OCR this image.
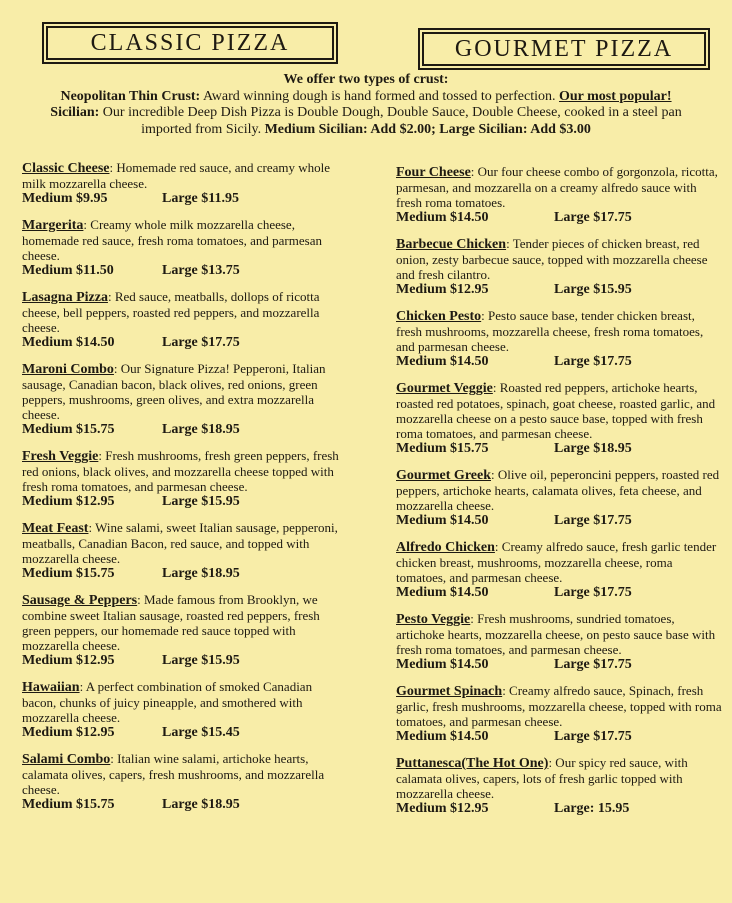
CLASSIC PIZZA	GOURMET PIZZA
We offer two types of crust:
Neopolitan Thin Crust: Award winning dough is hand formed and tossed to perfection. Our most popular!
Sicilian: Our incredible Deep Dish Pizza is Double Dough, Double Sauce, Double Cheese, cooked in a steel pan imported from Sicily. Medium Sicilian: Add $2.00; Large Sicilian: Add $3.00
Classic Cheese: Homemade red sauce, and creamy whole milk mozzarella cheese.
Medium $9.95	Large $11.95
Margerita: Creamy whole milk mozzarella cheese, homemade red sauce, fresh roma tomatoes, and parmesan cheese.
Medium $11.50	Large $13.75
Lasagna Pizza: Red sauce, meatballs, dollops of ricotta cheese, bell peppers, roasted red peppers, and mozzarella cheese.
Medium $14.50	Large $17.75
Maroni Combo: Our Signature Pizza! Pepperoni, Italian sausage, Canadian bacon, black olives, red onions, green peppers, mushrooms, green olives, and extra mozzarella cheese.
Medium $15.75	Large $18.95
Fresh Veggie: Fresh mushrooms, fresh green peppers, fresh red onions, black olives, and mozzarella cheese topped with fresh roma tomatoes, and parmesan cheese.
Medium $12.95	Large $15.95
Meat Feast: Wine salami, sweet Italian sausage, pepperoni, meatballs, Canadian Bacon, red sauce, and topped with mozzarella cheese.
Medium $15.75	Large $18.95
Sausage & Peppers: Made famous from Brooklyn, we combine sweet Italian sausage, roasted red peppers, fresh green peppers, our homemade red sauce topped with mozzarella cheese.
Medium $12.95	Large $15.95
Hawaiian: A perfect combination of smoked Canadian bacon, chunks of juicy pineapple, and smothered with mozzarella cheese.
Medium $12.95	Large $15.45
Salami Combo: Italian wine salami, artichoke hearts, calamata olives, capers, fresh mushrooms, and mozzarella cheese.
Medium $15.75	Large $18.95
Four Cheese: Our four cheese combo of gorgonzola, ricotta, parmesan, and mozzarella on a creamy alfredo sauce with fresh roma tomatoes.
Medium $14.50	Large $17.75
Barbecue Chicken: Tender pieces of chicken breast, red onion, zesty barbecue sauce, topped with mozzarella cheese and fresh cilantro.
Medium $12.95	Large $15.95
Chicken Pesto: Pesto sauce base, tender chicken breast, fresh mushrooms, mozzarella cheese, fresh roma tomatoes, and parmesan cheese.
Medium $14.50	Large $17.75
Gourmet Veggie: Roasted red peppers, artichoke hearts, roasted red potatoes, spinach, goat cheese, roasted garlic, and mozzarella cheese on a pesto sauce base, topped with fresh roma tomatoes, and parmesan cheese.
Medium $15.75	Large $18.95
Gourmet Greek: Olive oil, peperoncini peppers, roasted red peppers, artichoke hearts, calamata olives, feta cheese, and mozzarella cheese.
Medium $14.50	Large $17.75
Alfredo Chicken: Creamy alfredo sauce, fresh garlic tender chicken breast, mushrooms, mozzarella cheese, roma tomatoes, and parmesan cheese.
Medium $14.50	Large $17.75
Pesto Veggie: Fresh mushrooms, sundried tomatoes, artichoke hearts, mozzarella cheese, on pesto sauce base with fresh roma tomatoes, and parmesan cheese.
Medium $14.50	Large $17.75
Gourmet Spinach: Creamy alfredo sauce, Spinach, fresh garlic, fresh mushrooms, mozzarella cheese, topped with roma tomatoes, and parmesan cheese.
Medium $14.50	Large $17.75
Puttanesca(The Hot One): Our spicy red sauce, with calamata olives, capers, lots of fresh garlic topped with mozzarella cheese.
Medium $12.95	Large: 15.95
